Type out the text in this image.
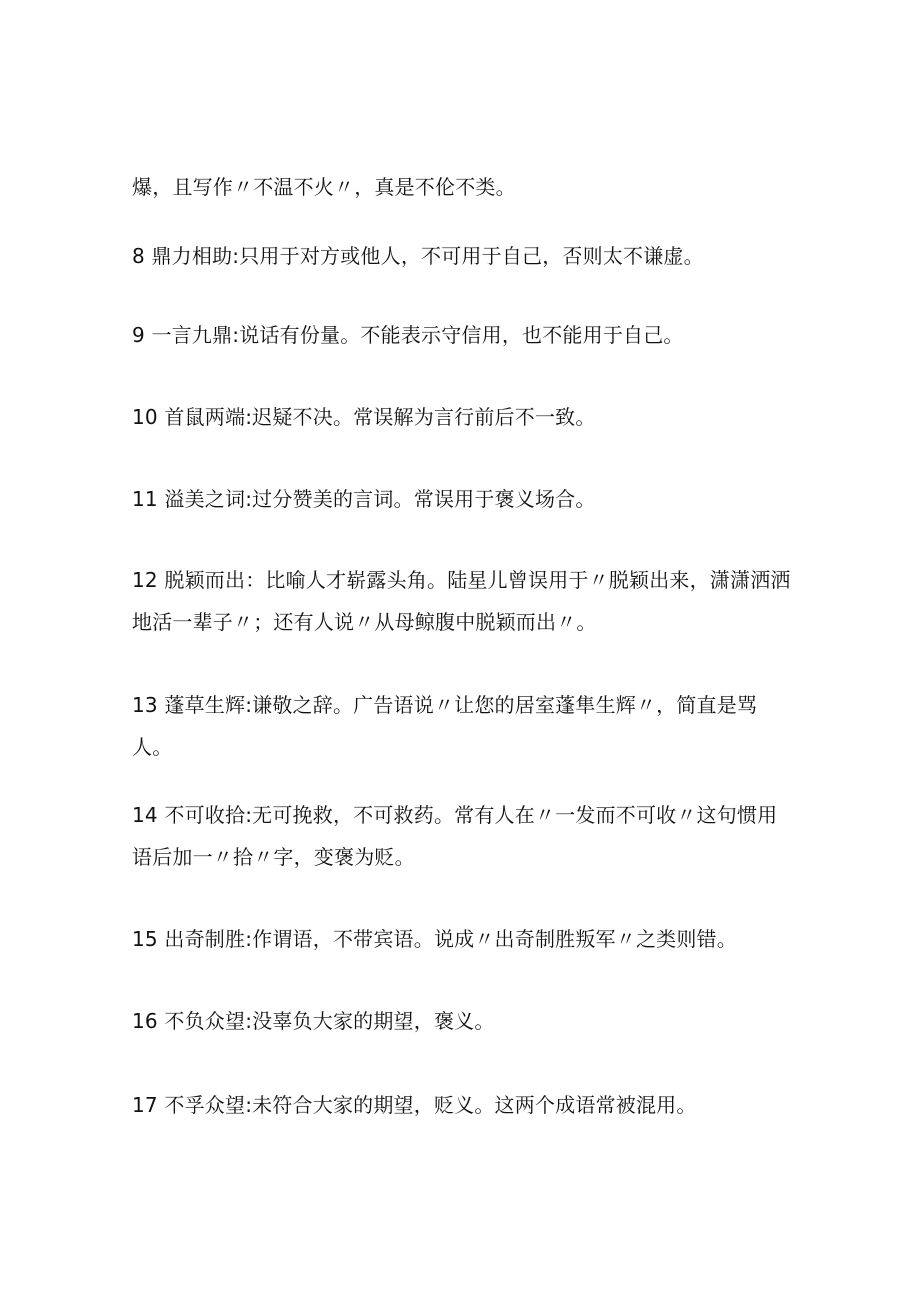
爆，且写作〃不温不火〃，真是不伦不类。

8 鼎力相助:只用于对方或他人，不可用于自己，否则太不谦虚。

9 一言九鼎:说话有份量。不能表示守信用，也不能用于自己。

10 首鼠两端:迟疑不决。常误解为言行前后不一致。

11 溢美之词:过分赞美的言词。常误用于褒义场合。

12 脱颖而出：比喻人才崭露头角。陆星儿曾误用于〃脱颖出来，潇潇洒洒地活一辈子〃；还有人说〃从母鲸腹中脱颖而出〃。

13 蓬草生辉:谦敬之辞。广告语说〃让您的居室蓬隼生辉〃，简直是骂人。

14 不可收拾:无可挽救，不可救药。常有人在〃一发而不可收〃这句惯用语后加一〃拾〃字，变褒为贬。

15 出奇制胜:作谓语，不带宾语。说成〃出奇制胜叛军〃之类则错。

16 不负众望:没辜负大家的期望，褒义。

17 不孚众望:未符合大家的期望，贬义。这两个成语常被混用。
